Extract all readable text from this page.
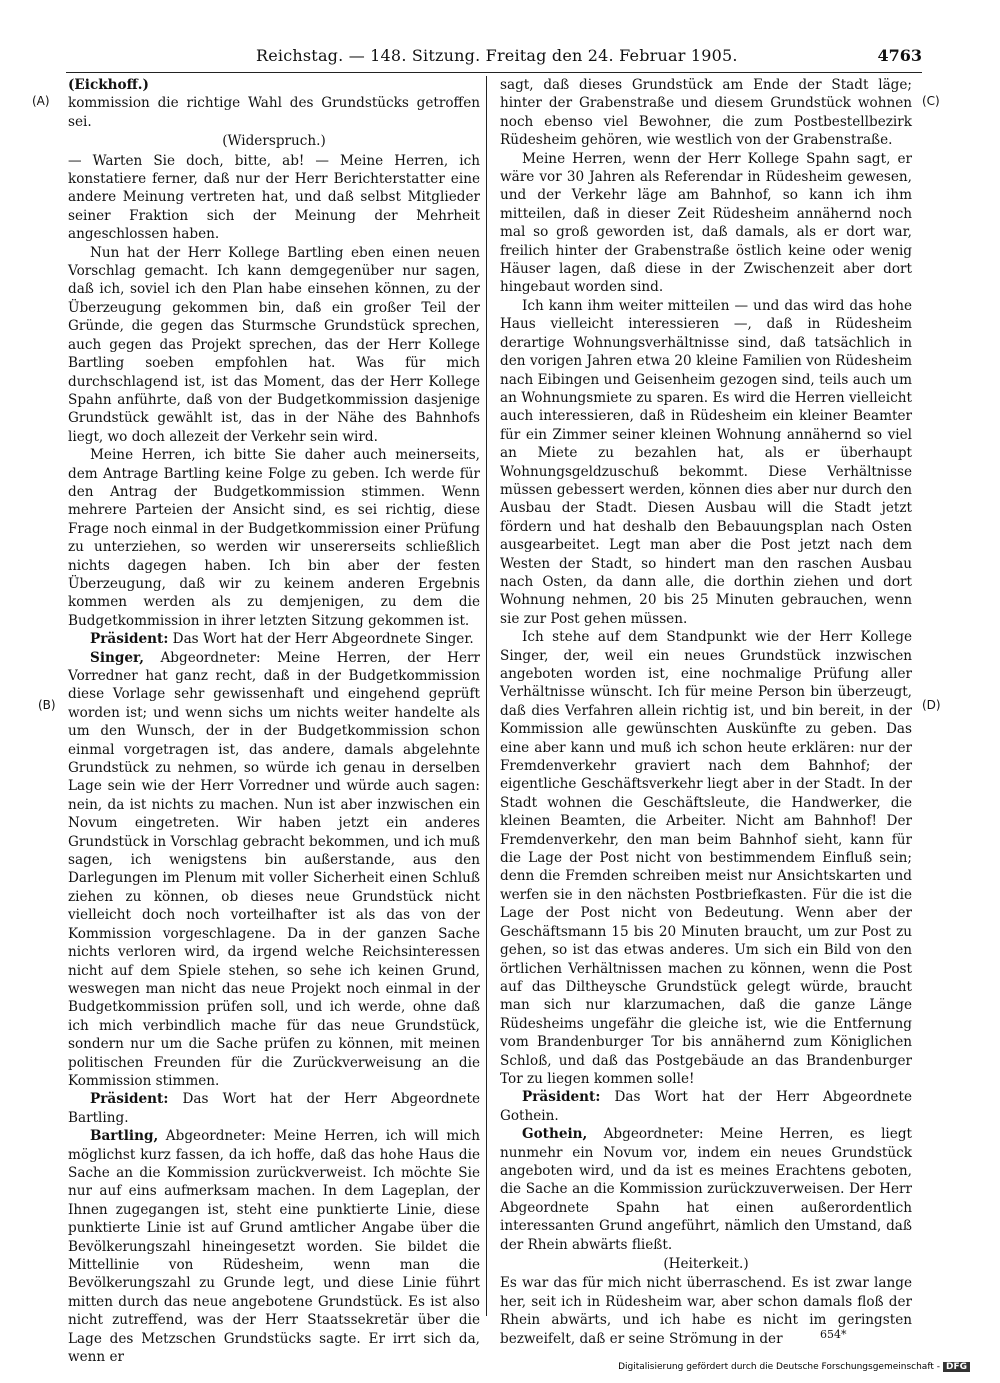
Reichstag. — 148. Sitzung. Freitag den 24. Februar 1905.	4763
(A)
(B)
(C)
(D)

(Eickhoff.)

kommission die richtige Wahl des Grundstücks getroffen sei.

(Widerspruch.)

— Warten Sie doch, bitte, ab! — Meine Herren, ich konstatiere ferner, daß nur der Herr Berichterstatter eine andere Meinung vertreten hat, und daß selbst Mitglieder seiner Fraktion sich der Meinung der Mehrheit angeschlossen haben.

Nun hat der Herr Kollege Bartling eben einen neuen Vorschlag gemacht. Ich kann demgegenüber nur sagen, daß ich, soviel ich den Plan habe einsehen können, zu der Überzeugung gekommen bin, daß ein großer Teil der Gründe, die gegen das Sturmsche Grundstück sprechen, auch gegen das Projekt sprechen, das der Herr Kollege Bartling soeben empfohlen hat. Was für mich durchschlagend ist, ist das Moment, das der Herr Kollege Spahn anführte, daß von der Budgetkommission dasjenige Grundstück gewählt ist, das in der Nähe des Bahnhofs liegt, wo doch allezeit der Verkehr sein wird.

Meine Herren, ich bitte Sie daher auch meinerseits, dem Antrage Bartling keine Folge zu geben. Ich werde für den Antrag der Budgetkommission stimmen. Wenn mehrere Parteien der Ansicht sind, es sei richtig, diese Frage noch einmal in der Budgetkommission einer Prüfung zu unterziehen, so werden wir unsererseits schließlich nichts dagegen haben. Ich bin aber der festen Überzeugung, daß wir zu keinem anderen Ergebnis kommen werden als zu demjenigen, zu dem die Budgetkommission in ihrer letzten Sitzung gekommen ist.

Präsident: Das Wort hat der Herr Abgeordnete Singer.

Singer, Abgeordneter: Meine Herren, der Herr Vorredner hat ganz recht, daß in der Budgetkommission diese Vorlage sehr gewissenhaft und eingehend geprüft worden ist; und wenn sichs um nichts weiter handelte als um den Wunsch, der in der Budgetkommission schon einmal vorgetragen ist, das andere, damals abgelehnte Grundstück zu nehmen, so würde ich genau in derselben Lage sein wie der Herr Vorredner und würde auch sagen: nein, da ist nichts zu machen. Nun ist aber inzwischen ein Novum eingetreten. Wir haben jetzt ein anderes Grundstück in Vorschlag gebracht bekommen, und ich muß sagen, ich wenigstens bin außerstande, aus den Darlegungen im Plenum mit voller Sicherheit einen Schluß ziehen zu können, ob dieses neue Grundstück nicht vielleicht doch noch vorteilhafter ist als das von der Kommission vorgeschlagene. Da in der ganzen Sache nichts verloren wird, da irgend welche Reichsinteressen nicht auf dem Spiele stehen, so sehe ich keinen Grund, weswegen man nicht das neue Projekt noch einmal in der Budgetkommission prüfen soll, und ich werde, ohne daß ich mich verbindlich mache für das neue Grundstück, sondern nur um die Sache prüfen zu können, mit meinen politischen Freunden für die Zurückverweisung an die Kommission stimmen.

Präsident: Das Wort hat der Herr Abgeordnete Bartling.

Bartling, Abgeordneter: Meine Herren, ich will mich möglichst kurz fassen, da ich hoffe, daß das hohe Haus die Sache an die Kommission zurückverweist. Ich möchte Sie nur auf eins aufmerksam machen. In dem Lageplan, der Ihnen zugegangen ist, steht eine punktierte Linie, diese punktierte Linie ist auf Grund amtlicher Angabe über die Bevölkerungszahl hineingesetzt worden. Sie bildet die Mittellinie von Rüdesheim, wenn man die Bevölkerungszahl zu Grunde legt, und diese Linie führt mitten durch das neue angebotene Grundstück. Es ist also nicht zutreffend, was der Herr Staatssekretär über die Lage des Metzschen Grundstücks sagte. Er irrt sich da, wenn er

sagt, daß dieses Grundstück am Ende der Stadt läge; hinter der Grabenstraße und diesem Grundstück wohnen noch ebenso viel Bewohner, die zum Postbestellbezirk Rüdesheim gehören, wie westlich von der Grabenstraße.

Meine Herren, wenn der Herr Kollege Spahn sagt, er wäre vor 30 Jahren als Referendar in Rüdesheim gewesen, und der Verkehr läge am Bahnhof, so kann ich ihm mitteilen, daß in dieser Zeit Rüdesheim annähernd noch mal so groß geworden ist, daß damals, als er dort war, freilich hinter der Grabenstraße östlich keine oder wenig Häuser lagen, daß diese in der Zwischenzeit aber dort hingebaut worden sind.

Ich kann ihm weiter mitteilen — und das wird das hohe Haus vielleicht interessieren —, daß in Rüdesheim derartige Wohnungsverhältnisse sind, daß tatsächlich in den vorigen Jahren etwa 20 kleine Familien von Rüdesheim nach Eibingen und Geisenheim gezogen sind, teils auch um an Wohnungsmiete zu sparen. Es wird die Herren vielleicht auch interessieren, daß in Rüdesheim ein kleiner Beamter für ein Zimmer seiner kleinen Wohnung annähernd so viel an Miete zu bezahlen hat, als er überhaupt Wohnungsgeldzuschuß bekommt. Diese Verhältnisse müssen gebessert werden, können dies aber nur durch den Ausbau der Stadt. Diesen Ausbau will die Stadt jetzt fördern und hat deshalb den Bebauungsplan nach Osten ausgearbeitet. Legt man aber die Post jetzt nach dem Westen der Stadt, so hindert man den raschen Ausbau nach Osten, da dann alle, die dorthin ziehen und dort Wohnung nehmen, 20 bis 25 Minuten gebrauchen, wenn sie zur Post gehen müssen.

Ich stehe auf dem Standpunkt wie der Herr Kollege Singer, der, weil ein neues Grundstück inzwischen angeboten worden ist, eine nochmalige Prüfung aller Verhältnisse wünscht. Ich für meine Person bin überzeugt, daß dies Verfahren allein richtig ist, und bin bereit, in der Kommission alle gewünschten Auskünfte zu geben. Das eine aber kann und muß ich schon heute erklären: nur der Fremdenverkehr graviert nach dem Bahnhof; der eigentliche Geschäftsverkehr liegt aber in der Stadt. In der Stadt wohnen die Geschäftsleute, die Handwerker, die kleinen Beamten, die Arbeiter. Nicht am Bahnhof! Der Fremdenverkehr, den man beim Bahnhof sieht, kann für die Lage der Post nicht von bestimmendem Einfluß sein; denn die Fremden schreiben meist nur Ansichtskarten und werfen sie in den nächsten Postbriefkasten. Für die ist die Lage der Post nicht von Bedeutung. Wenn aber der Geschäftsmann 15 bis 20 Minuten braucht, um zur Post zu gehen, so ist das etwas anderes. Um sich ein Bild von den örtlichen Verhältnissen machen zu können, wenn die Post auf das Diltheysche Grundstück gelegt würde, braucht man sich nur klarzumachen, daß die ganze Länge Rüdesheims ungefähr die gleiche ist, wie die Entfernung vom Brandenburger Tor bis annähernd zum Königlichen Schloß, und daß das Postgebäude an das Brandenburger Tor zu liegen kommen solle!

Präsident: Das Wort hat der Herr Abgeordnete Gothein.

Gothein, Abgeordneter: Meine Herren, es liegt nunmehr ein Novum vor, indem ein neues Grundstück angeboten wird, und da ist es meines Erachtens geboten, die Sache an die Kommission zurückzuverweisen. Der Herr Abgeordnete Spahn hat einen außerordentlich interessanten Grund angeführt, nämlich den Umstand, daß der Rhein abwärts fließt.

(Heiterkeit.)

Es war das für mich nicht überraschend. Es ist zwar lange her, seit ich in Rüdesheim war, aber schon damals floß der Rhein abwärts, und ich habe es nicht im geringsten bezweifelt, daß er seine Strömung in der	654*
Digitalisierung gefördert durch die Deutsche Forschungsgemeinschaft - DFG
